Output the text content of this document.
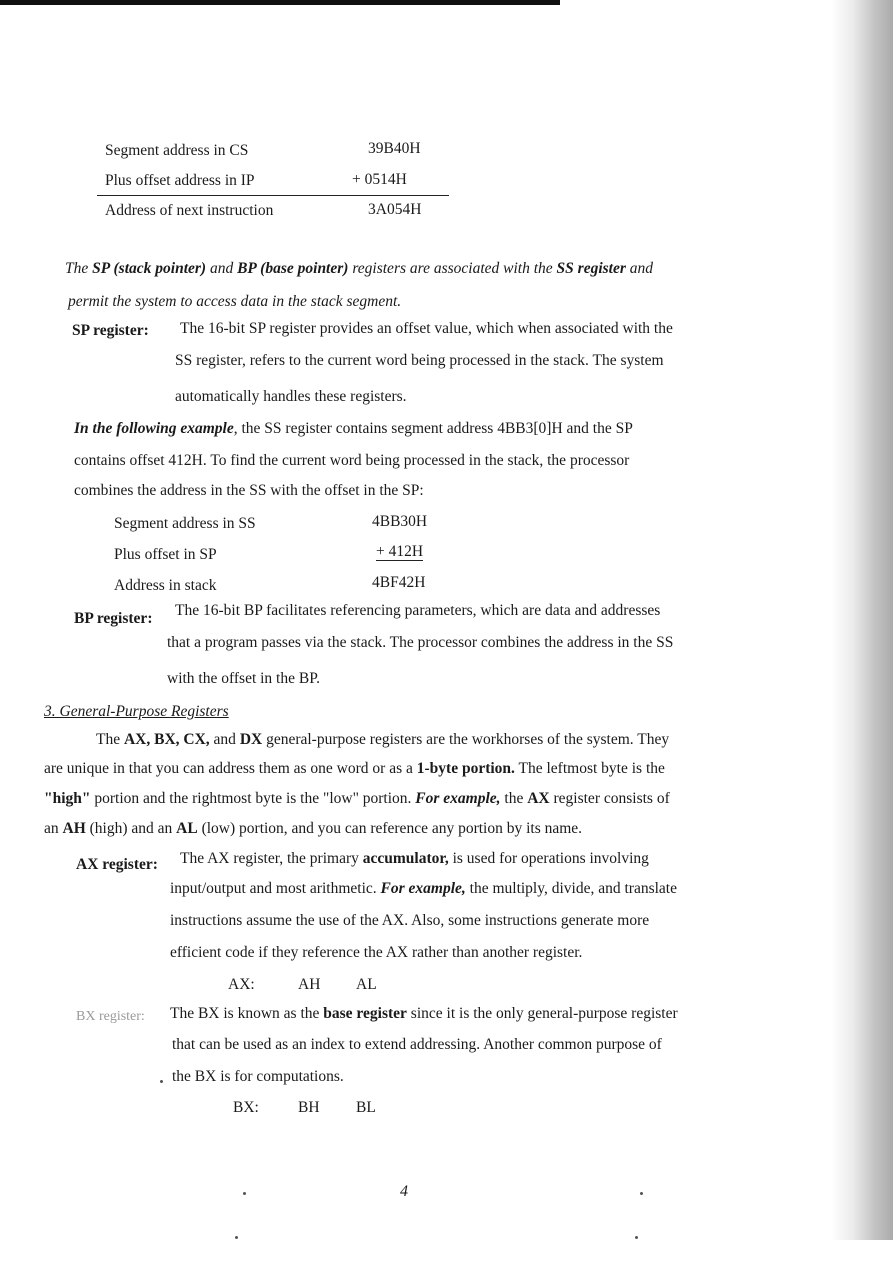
Segment address in CS	39B40H
Plus offset address in IP	+ 0514H
Address of next instruction	3A054H
The SP (stack pointer) and BP (base pointer) registers are associated with the SS register and
permit the system to access data in the stack segment.
SP register: The 16-bit SP register provides an offset value, which when associated with the
SS register, refers to the current word being processed in the stack. The system
automatically handles these registers.
In the following example, the SS register contains segment address 4BB3[0]H and the SP
contains offset 412H. To find the current word being processed in the stack, the processor
combines the address in the SS with the offset in the SP:
Segment address in SS	4BB30H
Plus offset in SP	+ 412H
Address in stack	4BF42H
BP register: The 16-bit BP facilitates referencing parameters, which are data and addresses
that a program passes via the stack. The processor combines the address in the SS
with the offset in the BP.
3. General-Purpose Registers
The AX, BX, CX, and DX general-purpose registers are the workhorses of the system. They
are unique in that you can address them as one word or as a 1-byte portion. The leftmost byte is the
"high" portion and the rightmost byte is the "low" portion. For example, the AX register consists of
an AH (high) and an AL (low) portion, and you can reference any portion by its name.
AX register: The AX register, the primary accumulator, is used for operations involving
input/output and most arithmetic. For example, the multiply, divide, and translate
instructions assume the use of the AX. Also, some instructions generate more
efficient code if they reference the AX rather than another register.
AX:	AH AL
BX register: The BX is known as the base register since it is the only general-purpose register
that can be used as an index to extend addressing. Another common purpose of
the BX is for computations.
BX:	BH BL
4
